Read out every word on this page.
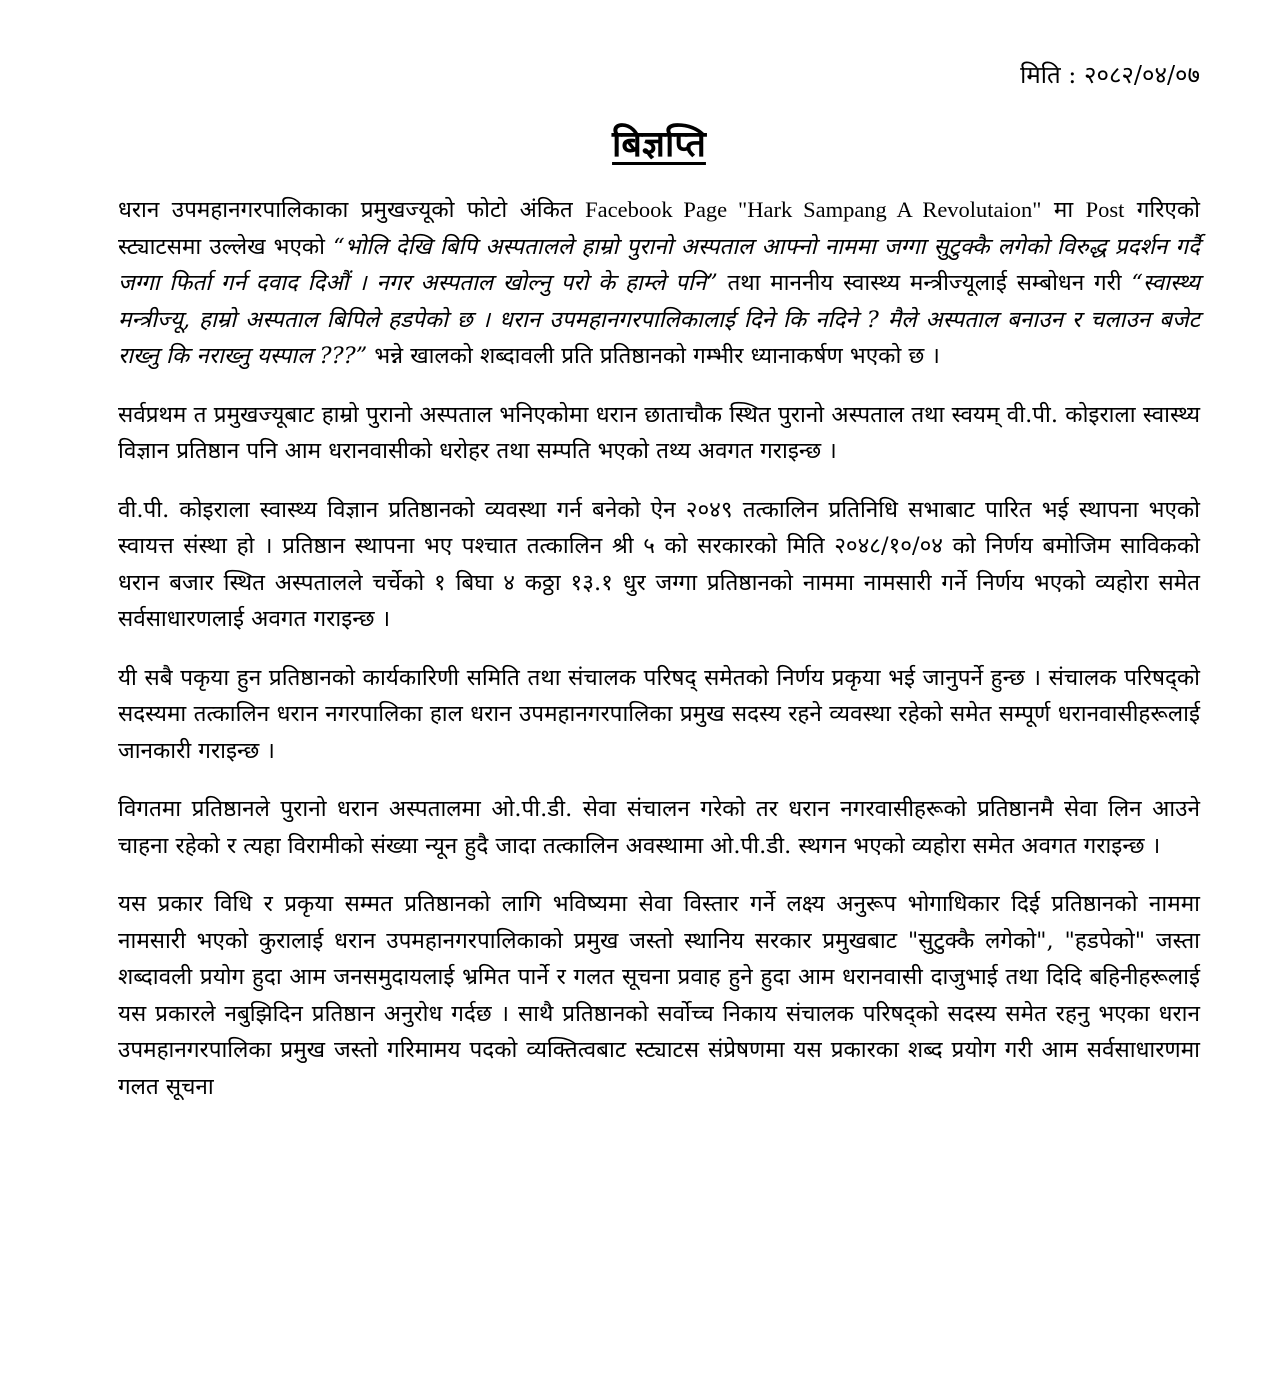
मिति : २०८२/०४/०७
बिज्ञप्ति

धरान उपमहानगरपालिकाका प्रमुखज्यूको फोटो अंकित Facebook Page "Hark Sampang A Revolutaion" मा Post गरिएको स्ट्याटसमा उल्लेख भएको “भोलि देखि बिपि अस्पतालले हाम्रो पुरानो अस्पताल आफ्नो नाममा जग्गा सुटुक्कै लगेको विरुद्ध प्रदर्शन गर्दै जग्गा फिर्ता गर्न दवाद दिऔं । नगर अस्पताल खोल्नु परो के हाम्ले पनि” तथा माननीय स्वास्थ्य मन्त्रीज्यूलाई सम्बोधन गरी “स्वास्थ्य मन्त्रीज्यू, हाम्रो अस्पताल बिपिले हडपेको छ । धरान उपमहानगरपालिकालाई दिने कि नदिने ? मैले अस्पताल बनाउन र चलाउन बजेट राख्नु कि नराख्नु यस्पाल ???” भन्ने खालको शब्दावली प्रति प्रतिष्ठानको गम्भीर ध्यानाकर्षण भएको छ ।

सर्वप्रथम त प्रमुखज्यूबाट हाम्रो पुरानो अस्पताल भनिएकोमा धरान छाताचौक स्थित पुरानो अस्पताल तथा स्वयम् वी.पी. कोइराला स्वास्थ्य विज्ञान प्रतिष्ठान पनि आम धरानवासीको धरोहर तथा सम्पति भएको तथ्य अवगत गराइन्छ ।

वी.पी. कोइराला स्वास्थ्य विज्ञान प्रतिष्ठानको व्यवस्था गर्न बनेको ऐन २०४९ तत्कालिन प्रतिनिधि सभाबाट पारित भई स्थापना भएको स्वायत्त संस्था हो । प्रतिष्ठान स्थापना भए पश्चात तत्कालिन श्री ५ को सरकारको मिति २०४८/१०/०४ को निर्णय बमोजिम साविकको धरान बजार स्थित अस्पतालले चर्चेको १ बिघा ४ कठ्ठा १३.१ धुर जग्गा प्रतिष्ठानको नाममा नामसारी गर्ने निर्णय भएको व्यहोरा समेत सर्वसाधारणलाई अवगत गराइन्छ ।

यी सबै पकृया हुन प्रतिष्ठानको कार्यकारिणी समिति तथा संचालक परिषद् समेतको निर्णय प्रकृया भई जानुपर्ने हुन्छ । संचालक परिषद्को सदस्यमा तत्कालिन धरान नगरपालिका हाल धरान उपमहानगरपालिका प्रमुख सदस्य रहने व्यवस्था रहेको समेत सम्पूर्ण धरानवासीहरूलाई जानकारी गराइन्छ ।

विगतमा प्रतिष्ठानले पुरानो धरान अस्पतालमा ओ.पी.डी. सेवा संचालन गरेको तर धरान नगरवासीहरूको प्रतिष्ठानमै सेवा लिन आउने चाहना रहेको र त्यहा विरामीको संख्या न्यून हुदै जादा तत्कालिन अवस्थामा ओ.पी.डी. स्थगन भएको व्यहोरा समेत अवगत गराइन्छ ।

यस प्रकार विधि र प्रकृया सम्मत प्रतिष्ठानको लागि भविष्यमा सेवा विस्तार गर्ने लक्ष्य अनुरूप भोगाधिकार दिई प्रतिष्ठानको नाममा नामसारी भएको कुरालाई धरान उपमहानगरपालिकाको प्रमुख जस्तो स्थानिय सरकार प्रमुखबाट "सुटुक्कै लगेको", "हडपेको" जस्ता शब्दावली प्रयोग हुदा आम जनसमुदायलाई भ्रमित पार्ने र गलत सूचना प्रवाह हुने हुदा आम धरानवासी दाजुभाई तथा दिदि बहिनीहरूलाई यस प्रकारले नबुझिदिन प्रतिष्ठान अनुरोध गर्दछ । साथै प्रतिष्ठानको सर्वोच्च निकाय संचालक परिषद्को सदस्य समेत रहनु भएका धरान उपमहानगरपालिका प्रमुख जस्तो गरिमामय पदको व्यक्तित्वबाट स्ट्याटस संप्रेषणमा यस प्रकारका शब्द प्रयोग गरी आम सर्वसाधारणमा गलत सूचना
